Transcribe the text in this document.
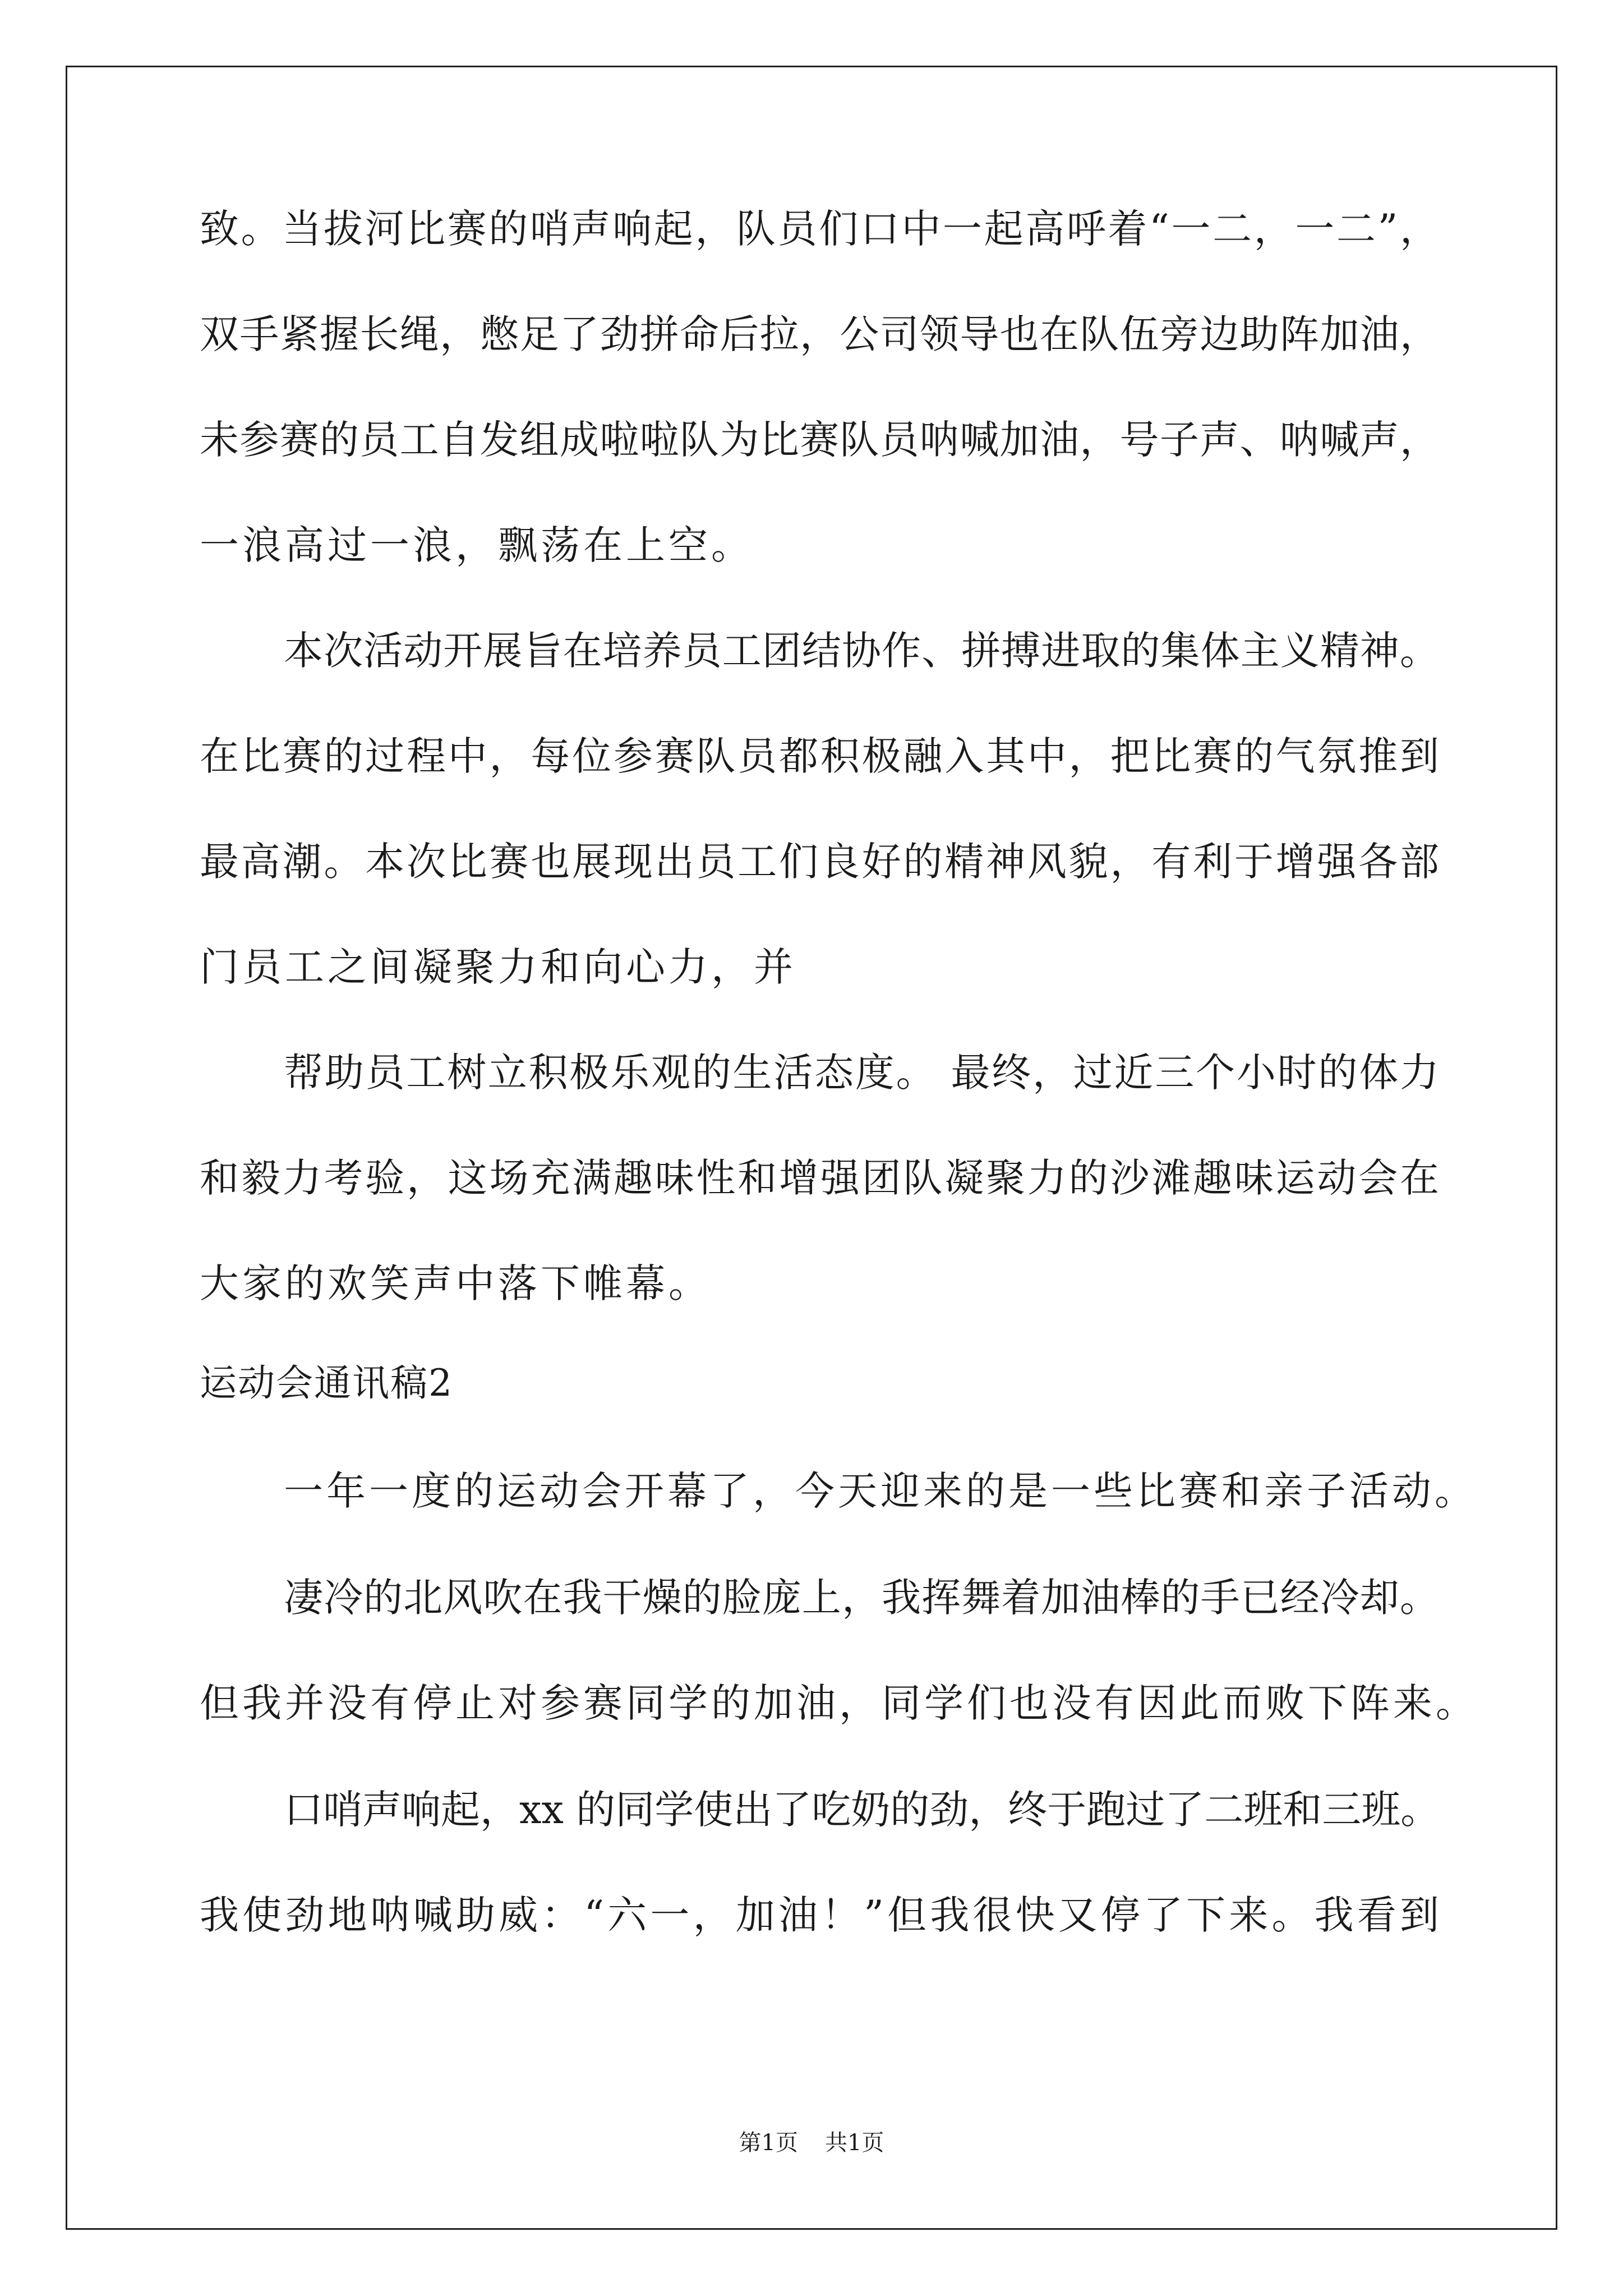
致。当拔河比赛的哨声响起，队员们口中一起高呼着“一二，一二”，
双手紧握长绳，憋足了劲拼命后拉，公司领导也在队伍旁边助阵加油，
未参赛的员工自发组成啦啦队为比赛队员呐喊加油，号子声、呐喊声，
一浪高过一浪，飘荡在上空。
本次活动开展旨在培养员工团结协作、拼搏进取的集体主义精神。
在比赛的过程中，每位参赛队员都积极融入其中，把比赛的气氛推到
最高潮。本次比赛也展现出员工们良好的精神风貌，有利于增强各部
门员工之间凝聚力和向心力，并
帮助员工树立积极乐观的生活态度。 最终，过近三个小时的体力
和毅力考验，这场充满趣味性和增强团队凝聚力的沙滩趣味运动会在
大家的欢笑声中落下帷幕。
运动会通讯稿2
一年一度的运动会开幕了，今天迎来的是一些比赛和亲子活动。
凄冷的北风吹在我干燥的脸庞上，我挥舞着加油棒的手已经冷却。
但我并没有停止对参赛同学的加油，同学们也没有因此而败下阵来。
口哨声响起，xx 的同学使出了吃奶的劲，终于跑过了二班和三班。
我使劲地呐喊助威：“六一，加油！”但我很快又停了下来。我看到
第1页 共1页
